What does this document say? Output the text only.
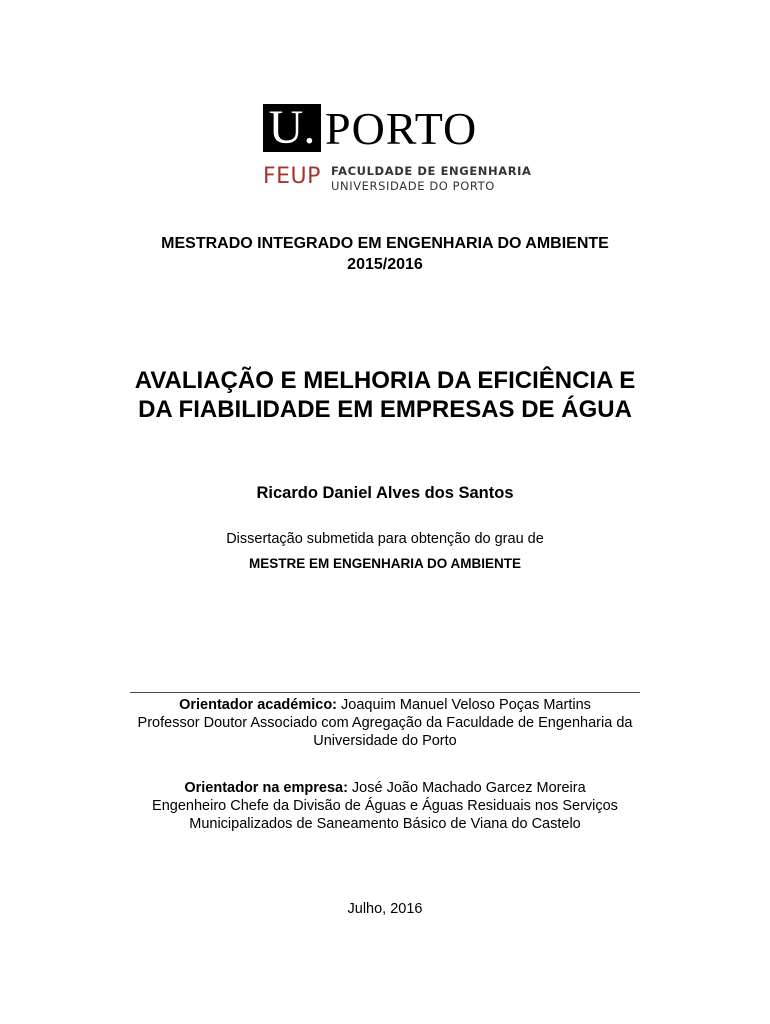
U. PORTO
FEUP FACULDADE DE ENGENHARIA
UNIVERSIDADE DO PORTO
MESTRADO INTEGRADO EM ENGENHARIA DO AMBIENTE
2015/2016
AVALIAÇÃO E MELHORIA DA EFICIÊNCIA E
DA FIABILIDADE EM EMPRESAS DE ÁGUA
Ricardo Daniel Alves dos Santos
Dissertação submetida para obtenção do grau de
MESTRE EM ENGENHARIA DO AMBIENTE
Orientador académico: Joaquim Manuel Veloso Poças Martins
Professor Doutor Associado com Agregação da Faculdade de Engenharia da
Universidade do Porto
Orientador na empresa: José João Machado Garcez Moreira
Engenheiro Chefe da Divisão de Águas e Águas Residuais nos Serviços
Municipalizados de Saneamento Básico de Viana do Castelo
Julho, 2016
